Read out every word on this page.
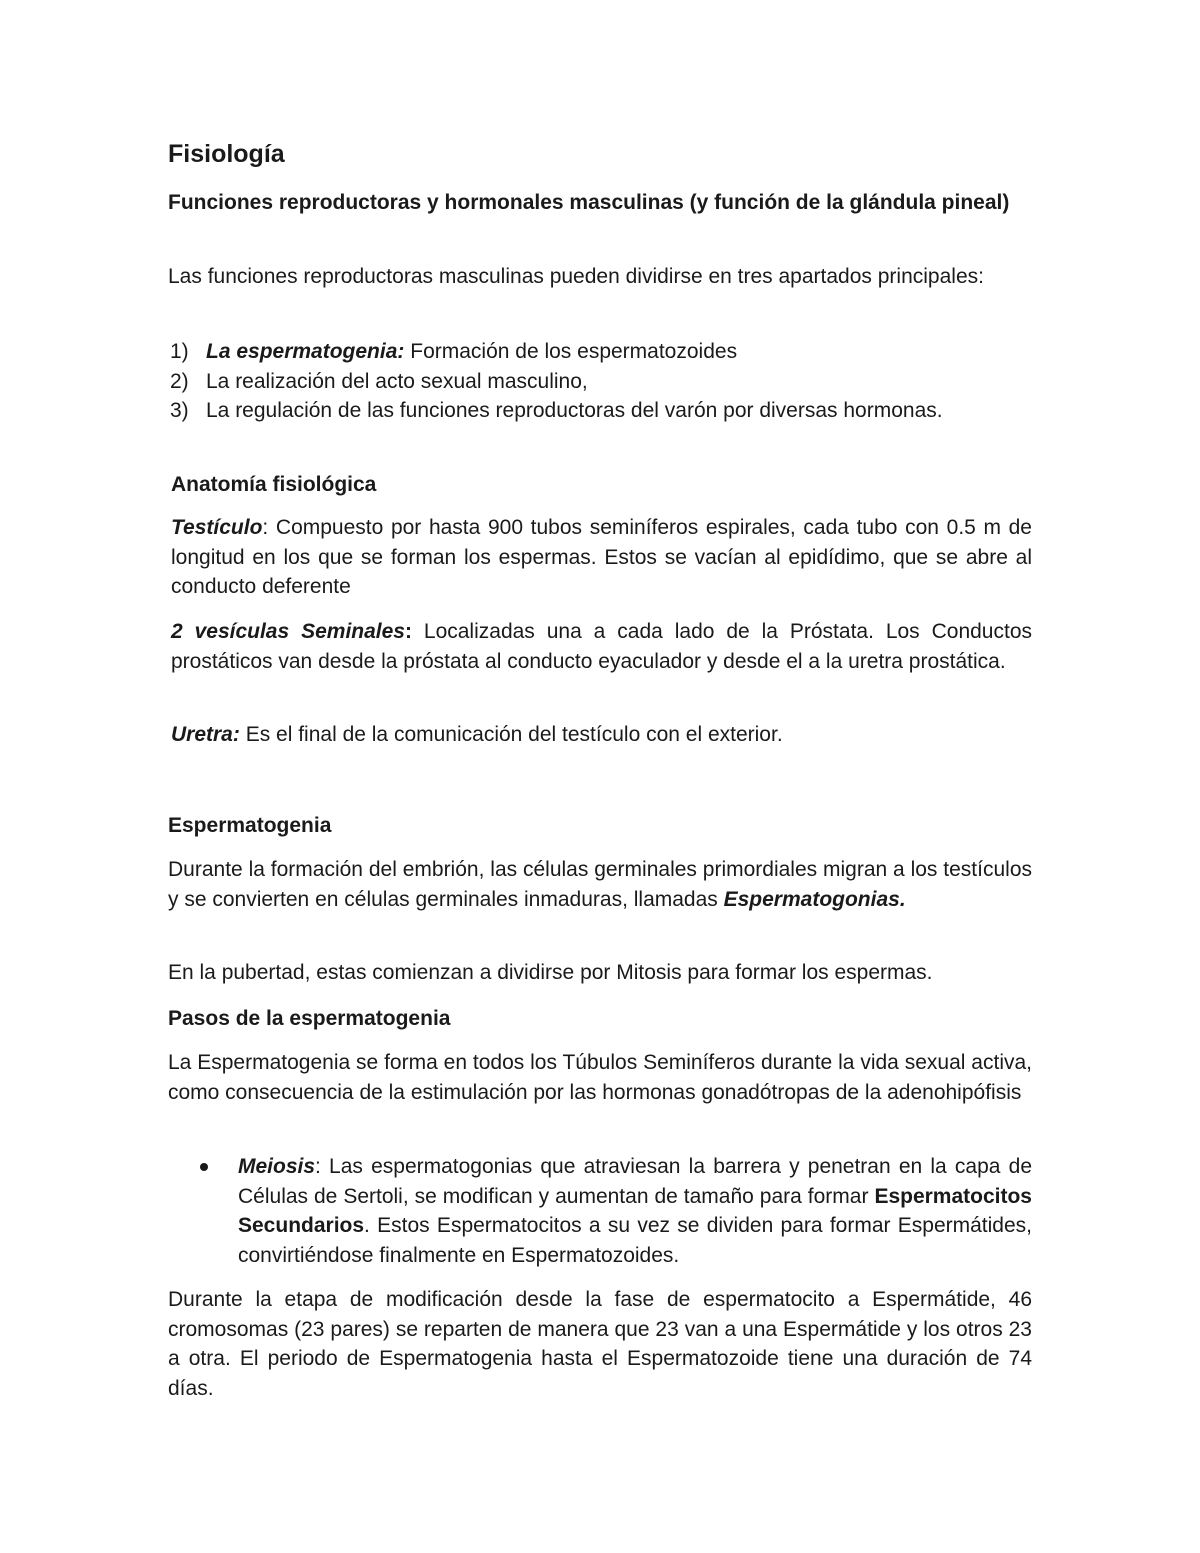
Fisiología

Funciones reproductoras y hormonales masculinas (y función de la glándula pineal)

Las funciones reproductoras masculinas pueden dividirse en tres apartados principales:

1) La espermatogenia: Formación de los espermatozoides
2) La realización del acto sexual masculino,
3) La regulación de las funciones reproductoras del varón por diversas hormonas.
Anatomía fisiológica

Testículo: Compuesto por hasta 900 tubos seminíferos espirales, cada tubo con 0.5 m de longitud en los que se forman los espermas. Estos se vacían al epidídimo, que se abre al conducto deferente

2 vesículas Seminales: Localizadas una a cada lado de la Próstata. Los Conductos prostáticos van desde la próstata al conducto eyaculador y desde el a la uretra prostática.

Uretra: Es el final de la comunicación del testículo con el exterior.

Espermatogenia

Durante la formación del embrión, las células germinales primordiales migran a los testículos y se convierten en células germinales inmaduras, llamadas Espermatogonias.

En la pubertad, estas comienzan a dividirse por Mitosis para formar los espermas.

Pasos de la espermatogenia

La Espermatogenia se forma en todos los Túbulos Seminíferos durante la vida sexual activa, como consecuencia de la estimulación por las hormonas gonadótropas de la adenohipófisis

Meiosis: Las espermatogonias que atraviesan la barrera y penetran en la capa de Células de Sertoli, se modifican y aumentan de tamaño para formar Espermatocitos Secundarios. Estos Espermatocitos a su vez se dividen para formar Espermátides, convirtiéndose finalmente en Espermatozoides.

Durante la etapa de modificación desde la fase de espermatocito a Espermátide, 46 cromosomas (23 pares) se reparten de manera que 23 van a una Espermátide y los otros 23 a otra. El periodo de Espermatogenia hasta el Espermatozoide tiene una duración de 74 días.
